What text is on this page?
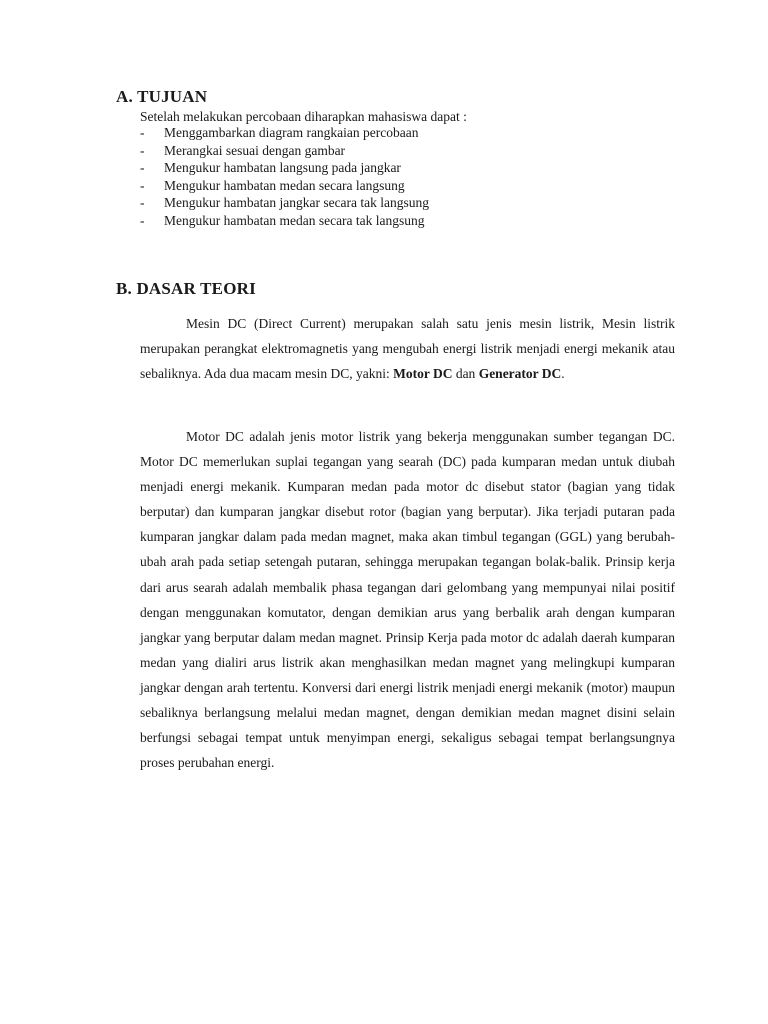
A. TUJUAN
Setelah melakukan percobaan diharapkan mahasiswa dapat :
- Menggambarkan diagram rangkaian percobaan
- Merangkai sesuai dengan gambar
- Mengukur hambatan langsung pada jangkar
- Mengukur hambatan medan secara langsung
- Mengukur hambatan jangkar secara tak langsung
- Mengukur hambatan medan secara tak langsung
B. DASAR TEORI

Mesin DC (Direct Current) merupakan salah satu jenis mesin listrik, Mesin listrik merupakan perangkat elektromagnetis yang mengubah energi listrik menjadi energi mekanik atau sebaliknya. Ada dua macam mesin DC, yakni: Motor DC dan Generator DC.

Motor DC adalah jenis motor listrik yang bekerja menggunakan sumber tegangan DC. Motor DC memerlukan suplai tegangan yang searah (DC) pada kumparan medan untuk diubah menjadi energi mekanik. Kumparan medan pada motor dc disebut stator (bagian yang tidak berputar) dan kumparan jangkar disebut rotor (bagian yang berputar). Jika terjadi putaran pada kumparan jangkar dalam pada medan magnet, maka akan timbul tegangan (GGL) yang berubah-ubah arah pada setiap setengah putaran, sehingga merupakan tegangan bolak-balik. Prinsip kerja dari arus searah adalah membalik phasa tegangan dari gelombang yang mempunyai nilai positif dengan menggunakan komutator, dengan demikian arus yang berbalik arah dengan kumparan jangkar yang berputar dalam medan magnet. Prinsip Kerja pada motor dc adalah daerah kumparan medan yang dialiri arus listrik akan menghasilkan medan magnet yang melingkupi kumparan jangkar dengan arah tertentu. Konversi dari energi listrik menjadi energi mekanik (motor) maupun sebaliknya berlangsung melalui medan magnet, dengan demikian medan magnet disini selain berfungsi sebagai tempat untuk menyimpan energi, sekaligus sebagai tempat berlangsungnya proses perubahan energi.
